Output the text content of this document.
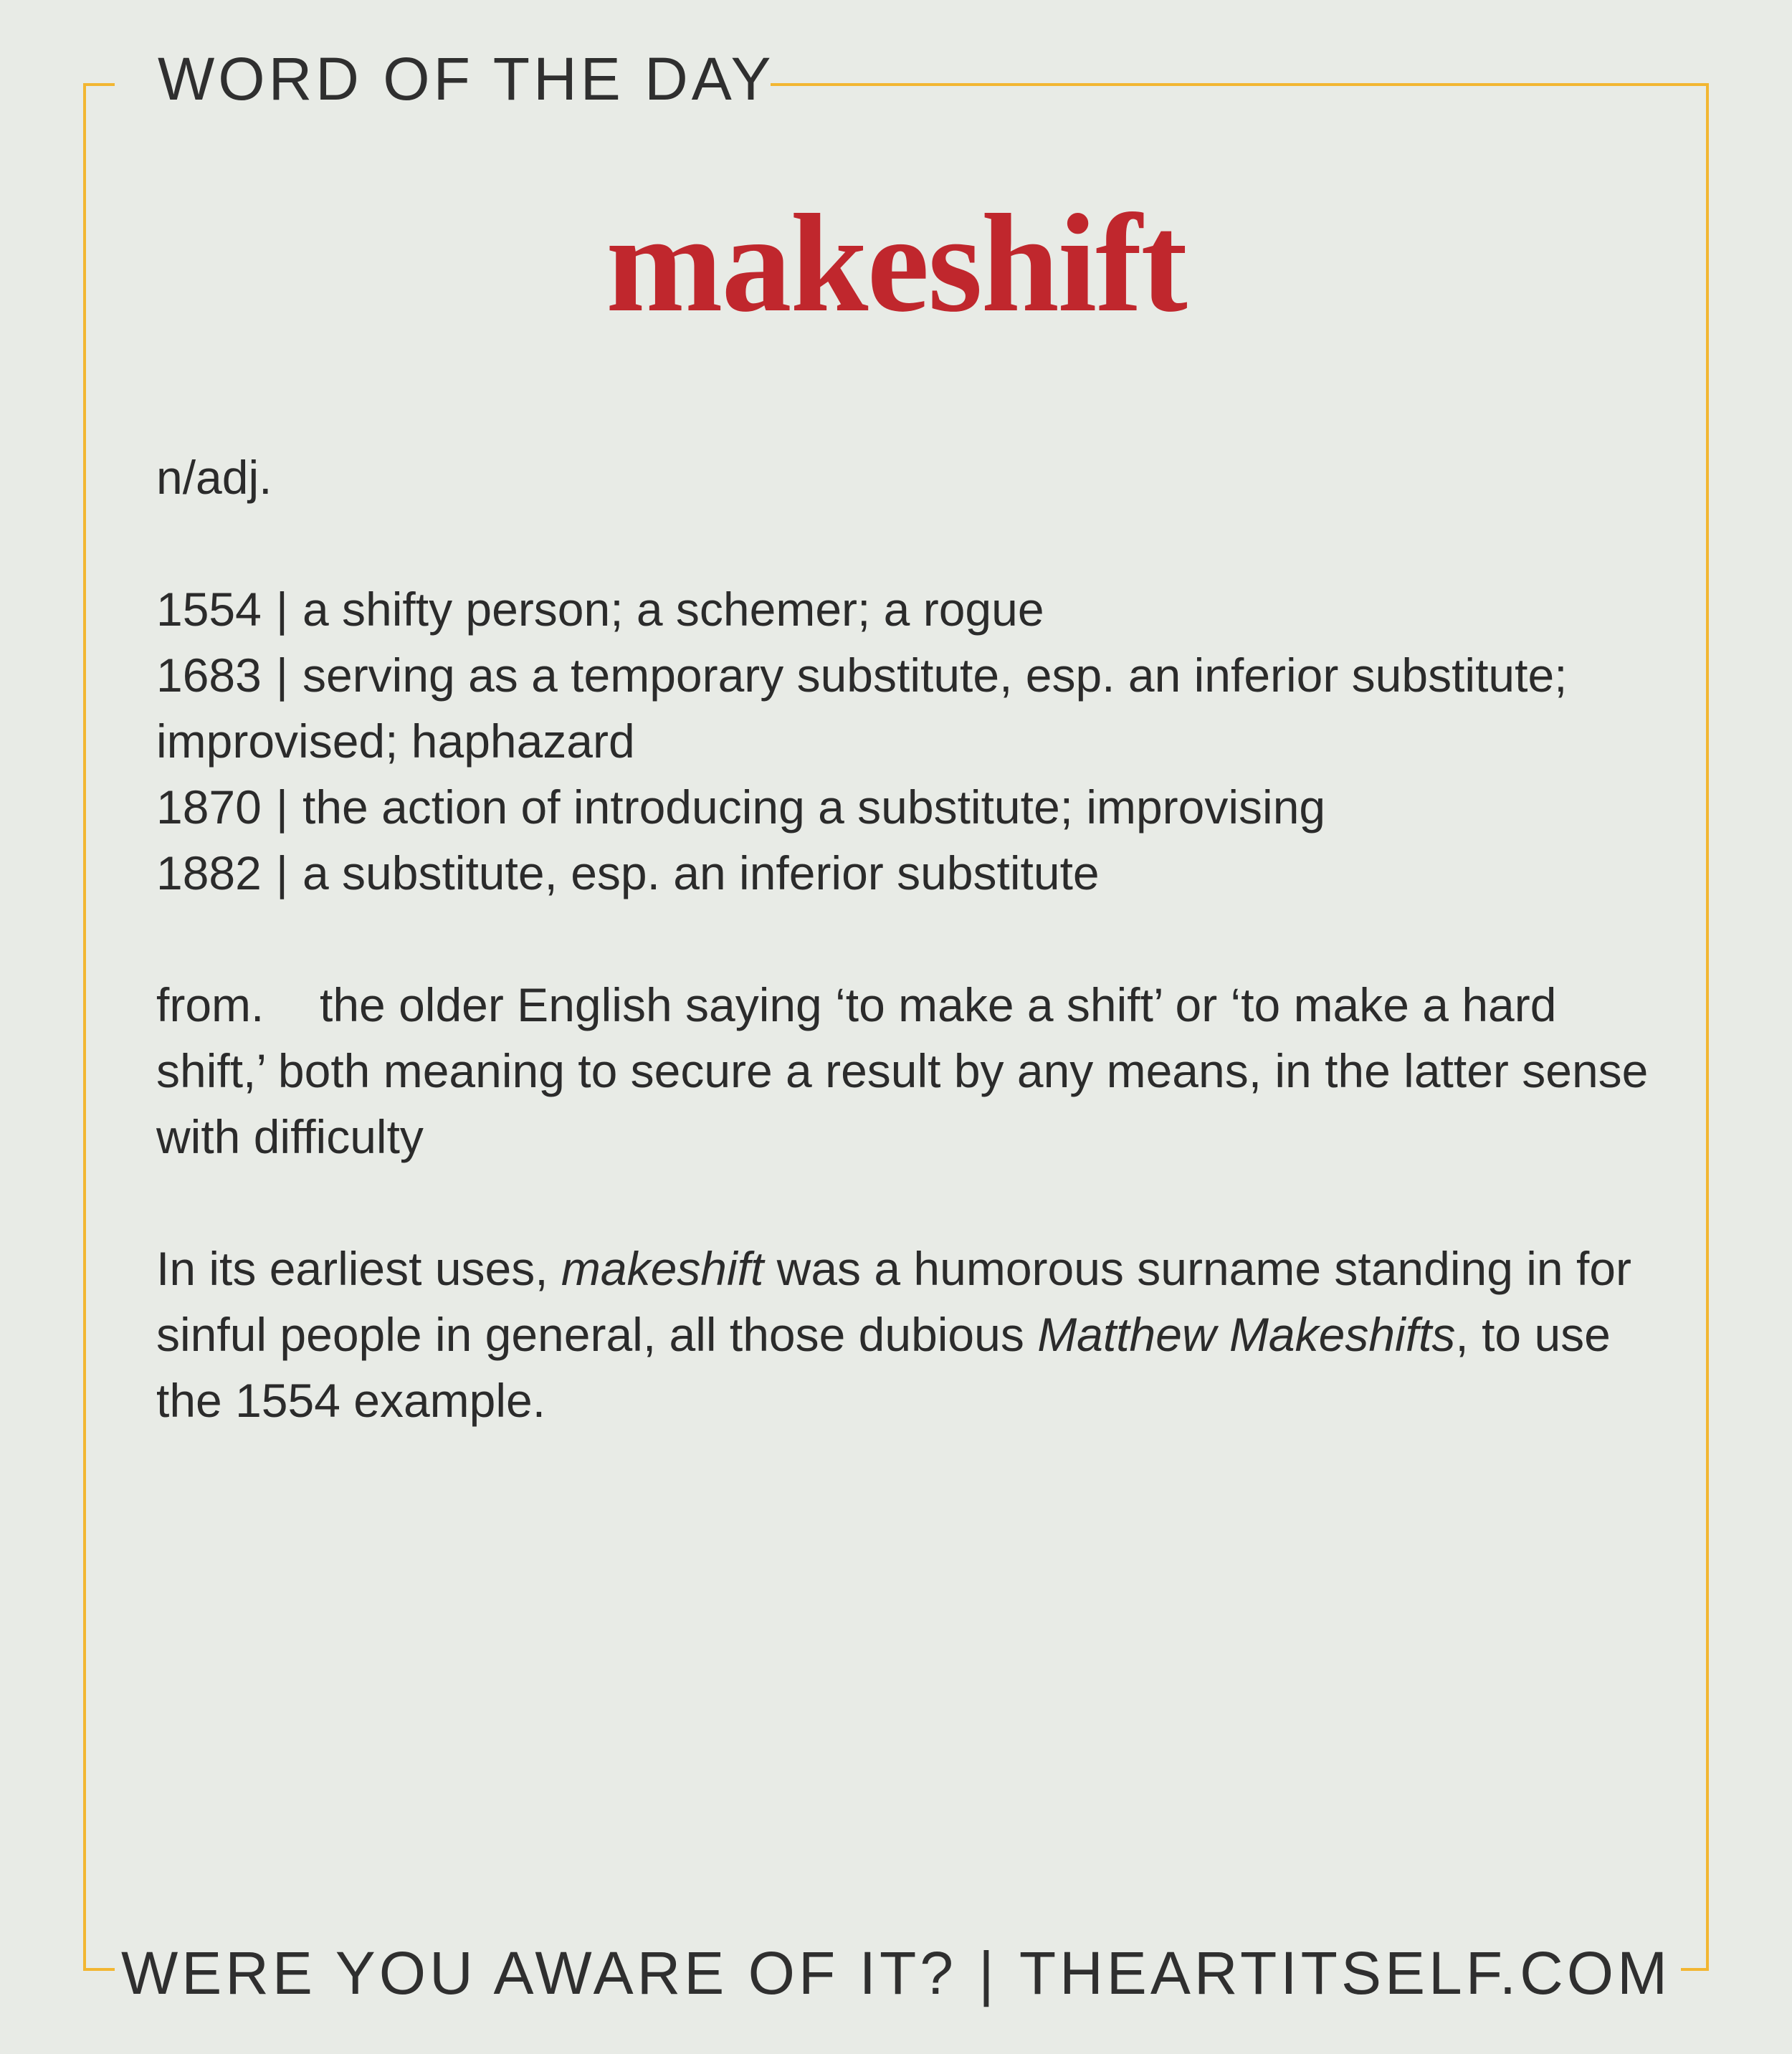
WORD OF THE DAY
makeshift

n/adj.

1554 | a shifty person; a schemer; a rogue
1683 | serving as a temporary substitute, esp. an inferior substitute; improvised; haphazard
1870 | the action of introducing a substitute; improvising
1882 | a substitute, esp. an inferior substitute

from. the older English saying ‘to make a shift’ or ‘to make a hard shift,’ both meaning to secure a result by any means, in the latter sense with difficulty

In its earliest uses, makeshift was a humorous surname standing in for sinful people in general, all those dubious Matthew Makeshifts, to use the 1554 example.

WERE YOU AWARE OF IT? | THEARTITSELF.COM
